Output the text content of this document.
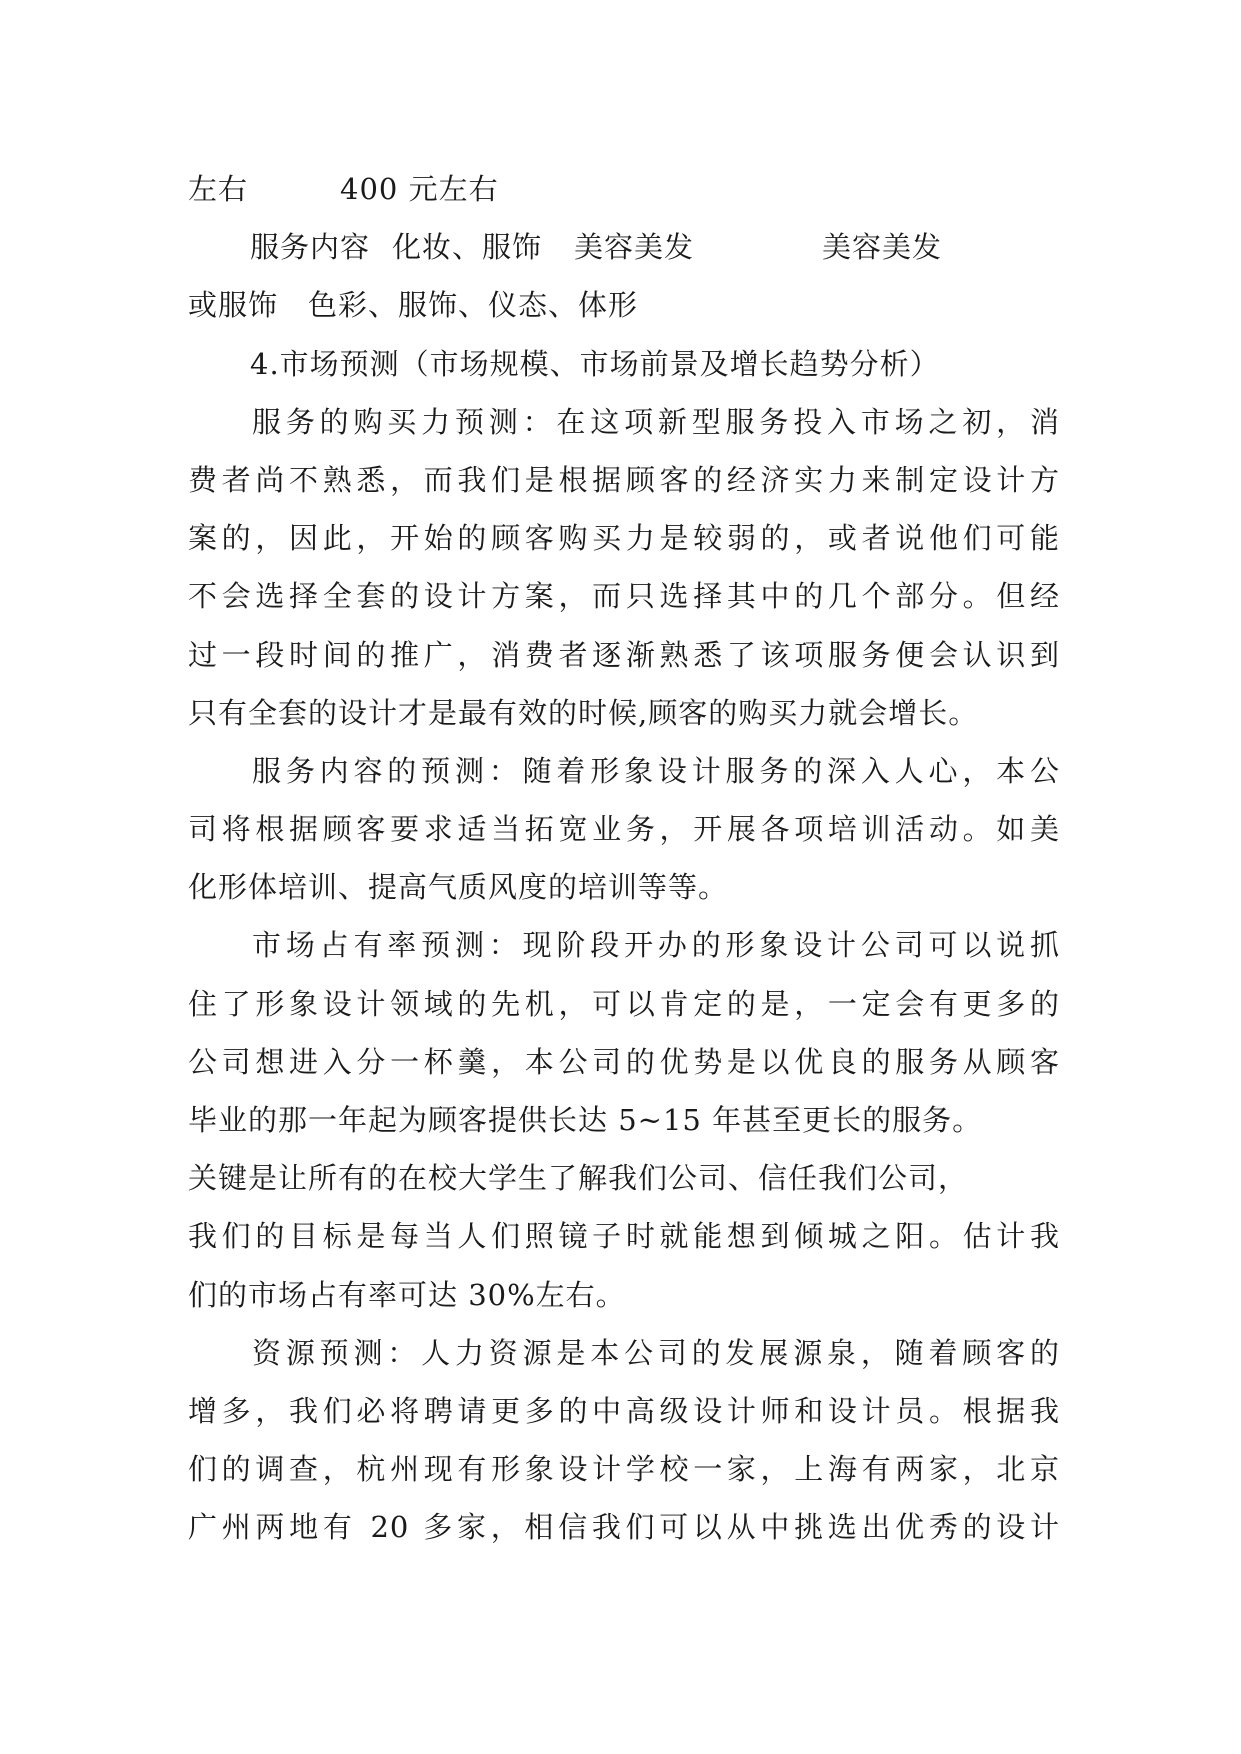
左右	400 元左右
服务内容 化妆、服饰 美容美发	美容美发
或服饰 色彩、服饰、仪态、体形
4.市场预测（市场规模、市场前景及增长趋势分析）
服务的购买力预测：在这项新型服务投入市场之初，消
费者尚不熟悉，而我们是根据顾客的经济实力来制定设计方
案的，因此，开始的顾客购买力是较弱的，或者说他们可能
不会选择全套的设计方案，而只选择其中的几个部分。但经
过一段时间的推广，消费者逐渐熟悉了该项服务便会认识到
只有全套的设计才是最有效的时候,顾客的购买力就会增长。
服务内容的预测：随着形象设计服务的深入人心，本公
司将根据顾客要求适当拓宽业务，开展各项培训活动。如美
化形体培训、提高气质风度的培训等等。
市场占有率预测：现阶段开办的形象设计公司可以说抓
住了形象设计领域的先机，可以肯定的是，一定会有更多的
公司想进入分一杯羹，本公司的优势是以优良的服务从顾客
毕业的那一年起为顾客提供长达 5~15 年甚至更长的服务。
关键是让所有的在校大学生了解我们公司、信任我们公司，
我们的目标是每当人们照镜子时就能想到倾城之阳。估计我
们的市场占有率可达 30%左右。
资源预测：人力资源是本公司的发展源泉，随着顾客的
增多，我们必将聘请更多的中高级设计师和设计员。根据我
们的调查，杭州现有形象设计学校一家，上海有两家，北京
广州两地有 20 多家，相信我们可以从中挑选出优秀的设计
